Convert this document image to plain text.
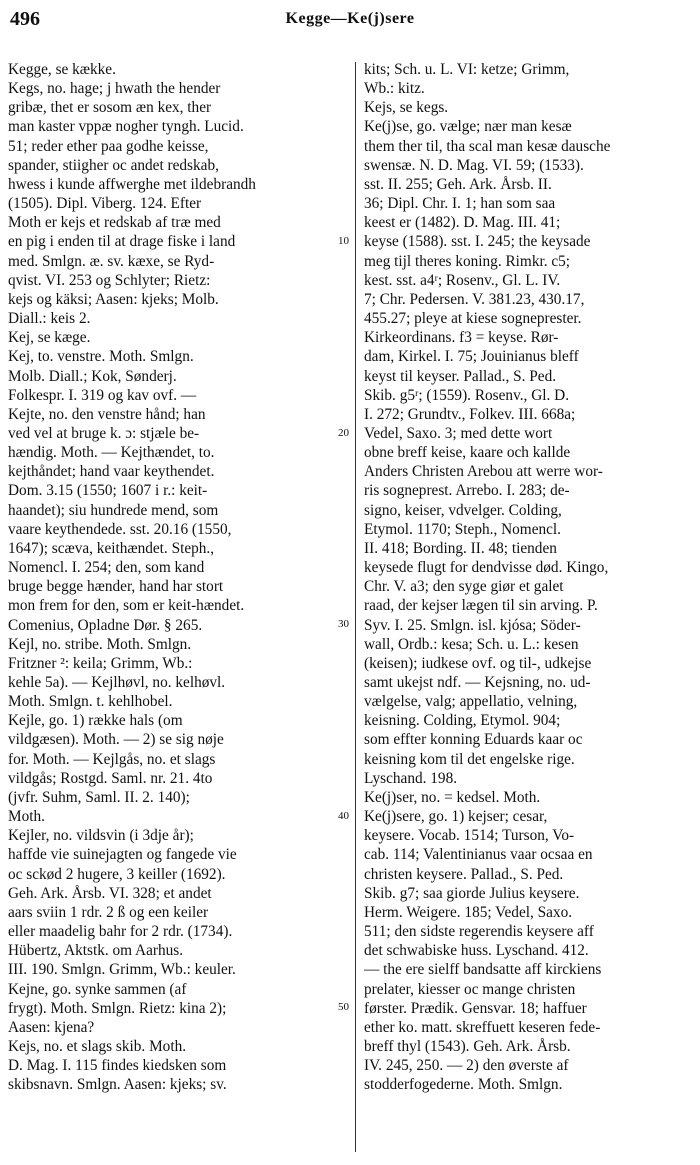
496	Kegge—Ke(j)sere
Kegge, se kække.
Kegs, no. hage; j hwath the hender
gribæ, thet er sosom æn kex, ther
man kaster vppæ nogher tyngh. Lucid.
51; reder ether paa godhe keisse,
spander, stiigher oc andet redskab,
hwess i kunde affwerghe met ildebrandh
(1505). Dipl. Viberg. 124. Efter
Moth er kejs et redskab af træ med
en pig i enden til at drage fiske i land
med. Smlgn. æ. sv. kæxe, se Ryd-
qvist. VI. 253 og Schlyter; Rietz:
kejs og käksi; Aasen: kjeks; Molb.
Diall.: keis 2.
Kej, se kæge.
Kej, to. venstre. Moth. Smlgn.
Molb. Diall.; Kok, Sønderj.
Folkespr. I. 319 og kav ovf. —
Kejte, no. den venstre hånd; han
ved vel at bruge k. ɔ: stjæle be-
hændig. Moth. — Kejthændet, to.
kejthåndet; hand vaar keythendet.
Dom. 3.15 (1550; 1607 i r.: keit-
haandet); siu hundrede mend, som
vaare keythendede. sst. 20.16 (1550,
1647); scæva, keithændet. Steph.,
Nomencl. I. 254; den, som kand
bruge begge hænder, hand har stort
mon frem for den, som er keit-hændet.
Comenius, Opladne Dør. § 265.
Kejl, no. stribe. Moth. Smlgn.
Fritzner ²: keila; Grimm, Wb.:
kehle 5a). — Kejlhøvl, no. kelhøvl.
Moth. Smlgn. t. kehlhobel.
Kejle, go. 1) række hals (om
vildgæsen). Moth. — 2) se sig nøje
for. Moth. — Kejlgås, no. et slags
vildgås; Rostgd. Saml. nr. 21. 4to
(jvfr. Suhm, Saml. II. 2. 140);
Moth.
Kejler, no. vildsvin (i 3dje år);
haffde vie suinejagten og fangede vie
oc sckød 2 hugere, 3 keiller (1692).
Geh. Ark. Årsb. VI. 328; et andet
aars sviin 1 rdr. 2 ß og een keiler
eller maadelig bahr for 2 rdr. (1734).
Hübertz, Aktstk. om Aarhus.
III. 190. Smlgn. Grimm, Wb.: keuler.
Kejne, go. synke sammen (af
frygt). Moth. Smlgn. Rietz: kina 2);
Aasen: kjena?
Kejs, no. et slags skib. Moth.
D. Mag. I. 115 findes kiedsken som
skibsnavn. Smlgn. Aasen: kjeks; sv.
kits; Sch. u. L. VI: ketze; Grimm,
Wb.: kitz.
Kejs, se kegs.
Ke(j)se, go. vælge; nær man kesæ
them ther til, tha scal man kesæ dausche
swensæ. N. D. Mag. VI. 59; (1533).
sst. II. 255; Geh. Ark. Årsb. II.
36; Dipl. Chr. I. 1; han som saa
keest er (1482). D. Mag. III. 41;
keyse (1588). sst. I. 245; the keysade
meg tijl theres koning. Rimkr. c5;
kest. sst. a4ʳ; Rosenv., Gl. L. IV.
7; Chr. Pedersen. V. 381.23, 430.17,
455.27; pleye at kiese sogneprester.
Kirkeordinans. f3 = keyse. Rør-
dam, Kirkel. I. 75; Jouinianus bleff
keyst til keyser. Pallad., S. Ped.
Skib. g5ʳ; (1559). Rosenv., Gl. D.
I. 272; Grundtv., Folkev. III. 668a;
Vedel, Saxo. 3; med dette wort
obne breff keise, kaare och kallde
Anders Christen Arebou att werre wor-
ris sogneprest. Arrebo. I. 283; de-
signo, keiser, vdvelger. Colding,
Etymol. 1170; Steph., Nomencl.
II. 418; Bording. II. 48; tienden
keysede flugt for dendvisse død. Kingo,
Chr. V. a3; den syge giør et galet
raad, der kejser lægen til sin arving. P.
Syv. I. 25. Smlgn. isl. kjósa; Söder-
wall, Ordb.: kesa; Sch. u. L.: kesen
(keisen); iudkese ovf. og til-, udkejse
samt ukejst ndf. — Kejsning, no. ud-
vælgelse, valg; appellatio, velning,
keisning. Colding, Etymol. 904;
som effter konning Eduards kaar oc
keisning kom til det engelske rige.
Lyschand. 198.
Ke(j)ser, no. = kedsel. Moth.
Ke(j)sere, go. 1) kejser; cesar,
keysere. Vocab. 1514; Turson, Vo-
cab. 114; Valentinianus vaar ocsaa en
christen keysere. Pallad., S. Ped.
Skib. g7; saa giorde Julius keysere.
Herm. Weigere. 185; Vedel, Saxo.
511; den sidste regerendis keysere aff
det schwabiske huss. Lyschand. 412.
— the ere sielff bandsatte aff kirckiens
prelater, kiesser oc mange christen
førster. Prædik. Gensvar. 18; haffuer
ether ko. matt. skreffuett keseren fede-
breff thyl (1543). Geh. Ark. Årsb.
IV. 245, 250. — 2) den øverste af
stodderfogederne. Moth. Smlgn.
10
20
30
40
50
